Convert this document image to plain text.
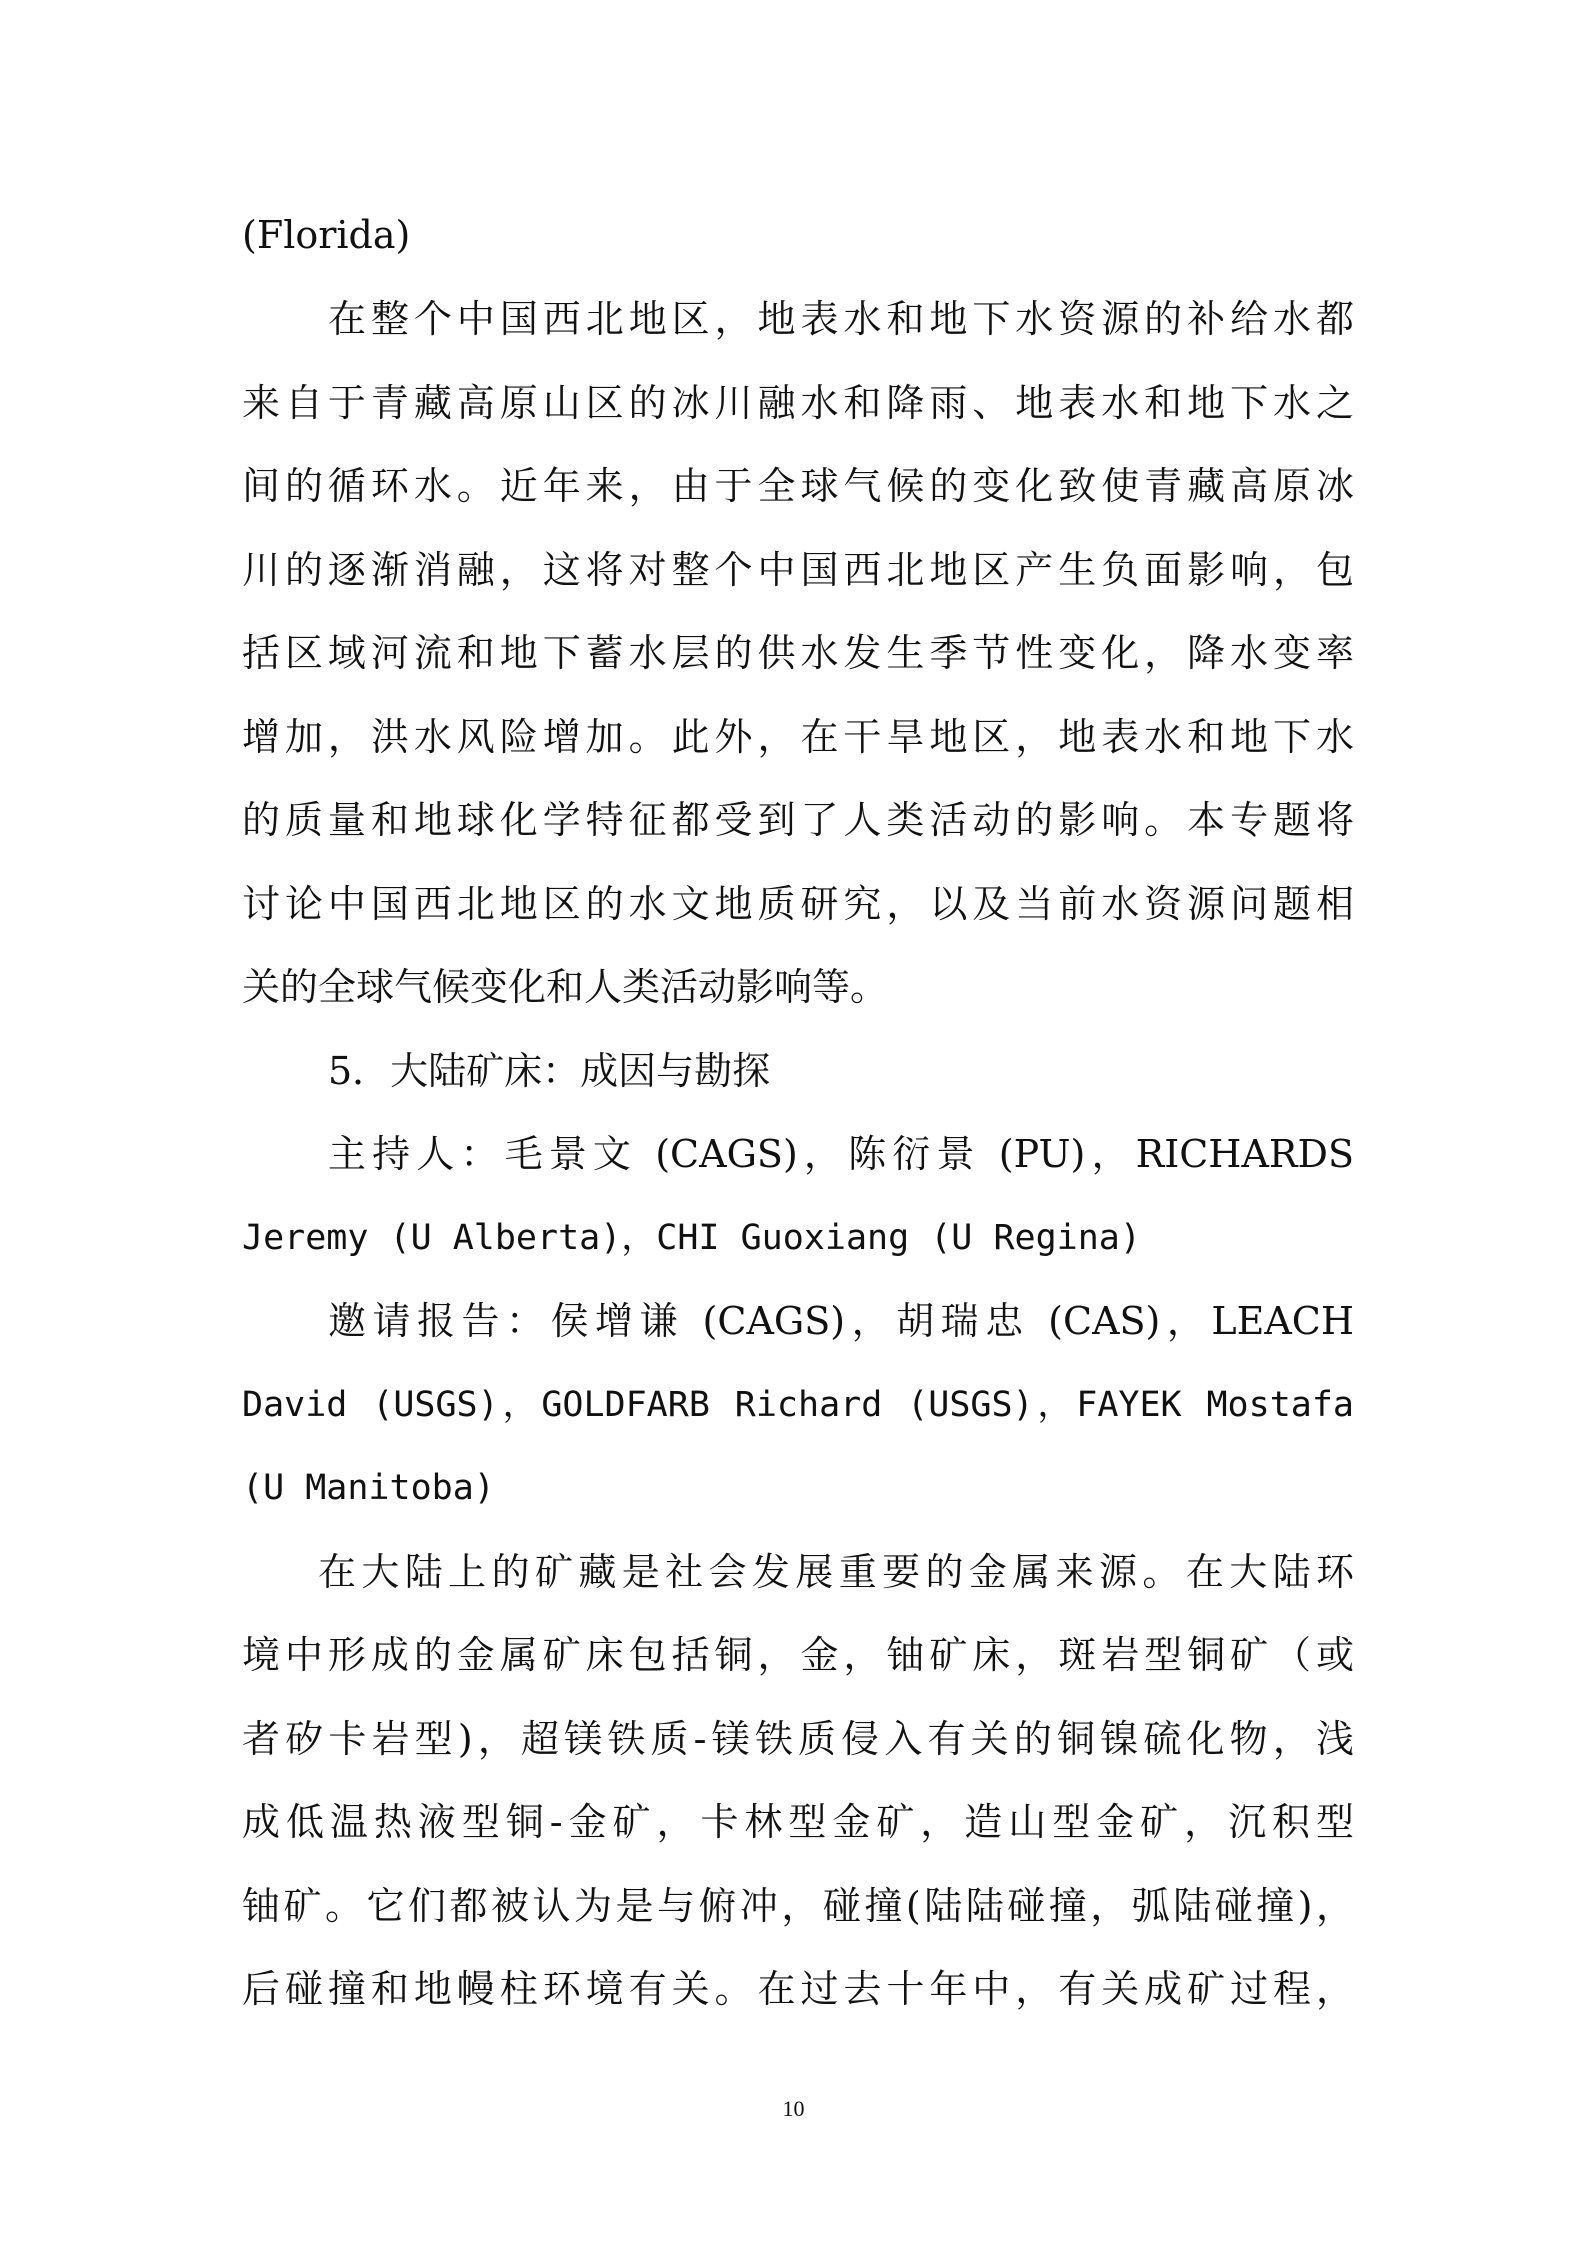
(Florida)
在整个中国西北地区，地表水和地下水资源的补给水都
来自于青藏高原山区的冰川融水和降雨、地表水和地下水之
间的循环水。近年来，由于全球气候的变化致使青藏高原冰
川的逐渐消融，这将对整个中国西北地区产生负面影响，包
括区域河流和地下蓄水层的供水发生季节性变化，降水变率
增加，洪水风险增加。此外，在干旱地区，地表水和地下水
的质量和地球化学特征都受到了人类活动的影响。本专题将
讨论中国西北地区的水文地质研究，以及当前水资源问题相
关的全球气候变化和人类活动影响等。
5．大陆矿床：成因与勘探
主持人：毛景文 (CAGS)，陈衍景 (PU)，RICHARDS
Jeremy (U Alberta)，CHI Guoxiang (U Regina)
邀请报告：侯增谦 (CAGS)，胡瑞忠 (CAS)，LEACH
David (USGS)，GOLDFARB Richard (USGS)，FAYEK Mostafa
(U Manitoba)
在大陆上的矿藏是社会发展重要的金属来源。在大陆环
境中形成的金属矿床包括铜，金，铀矿床，斑岩型铜矿（或
者矽卡岩型)，超镁铁质-镁铁质侵入有关的铜镍硫化物，浅
成低温热液型铜-金矿，卡林型金矿，造山型金矿，沉积型
铀矿。它们都被认为是与俯冲，碰撞(陆陆碰撞，弧陆碰撞)，
后碰撞和地幔柱环境有关。在过去十年中，有关成矿过程，
10
